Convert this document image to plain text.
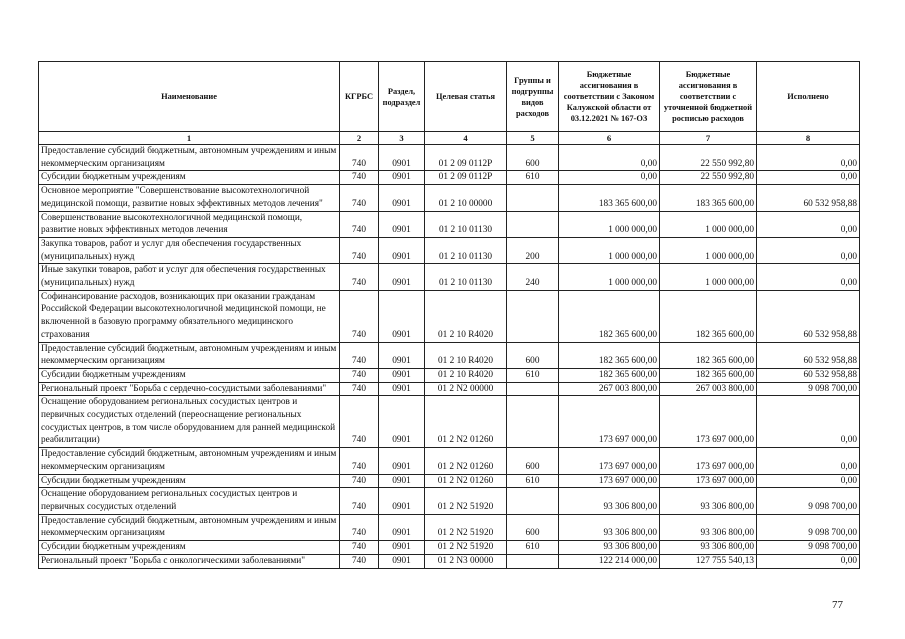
Наименование	КГРБС	Раздел, подраздел	Целевая статья	Группы и подгруппы видов расходов	Бюджетные ассигнования в соответствии с Законом Калужской области от 03.12.2021 № 167-ОЗ	Бюджетные ассигнования в соответствии с уточненной бюджетной росписью расходов	Исполнено
1	2	3	4	5	6	7	8
Предоставление субсидий бюджетным, автономным учреждениям и иным некоммерческим организациям	740	0901	01 2 09 0112P	600	0,00	22 550 992,80	0,00
Субсидии бюджетным учреждениям	740	0901	01 2 09 0112P	610	0,00	22 550 992,80	0,00
Основное мероприятие "Совершенствование высокотехнологичной медицинской помощи, развитие новых эффективных методов лечения"	740	0901	01 2 10 00000		183 365 600,00	183 365 600,00	60 532 958,88
Совершенствование высокотехнологичной медицинской помощи, развитие новых эффективных методов лечения	740	0901	01 2 10 01130		1 000 000,00	1 000 000,00	0,00
Закупка товаров, работ и услуг для обеспечения государственных (муниципальных) нужд	740	0901	01 2 10 01130	200	1 000 000,00	1 000 000,00	0,00
Иные закупки товаров, работ и услуг для обеспечения государственных (муниципальных) нужд	740	0901	01 2 10 01130	240	1 000 000,00	1 000 000,00	0,00
Софинансирование расходов, возникающих при оказании гражданам Российской Федерации высокотехнологичной медицинской помощи, не включенной в базовую программу обязательного медицинского страхования	740	0901	01 2 10 R4020		182 365 600,00	182 365 600,00	60 532 958,88
Предоставление субсидий бюджетным, автономным учреждениям и иным некоммерческим организациям	740	0901	01 2 10 R4020	600	182 365 600,00	182 365 600,00	60 532 958,88
Субсидии бюджетным учреждениям	740	0901	01 2 10 R4020	610	182 365 600,00	182 365 600,00	60 532 958,88
Региональный проект "Борьба с сердечно-сосудистыми заболеваниями"	740	0901	01 2 N2 00000		267 003 800,00	267 003 800,00	9 098 700,00
Оснащение оборудованием региональных сосудистых центров и первичных сосудистых отделений (переоснащение региональных сосудистых центров, в том числе оборудованием для ранней медицинской реабилитации)	740	0901	01 2 N2 01260		173 697 000,00	173 697 000,00	0,00
Предоставление субсидий бюджетным, автономным учреждениям и иным некоммерческим организациям	740	0901	01 2 N2 01260	600	173 697 000,00	173 697 000,00	0,00
Субсидии бюджетным учреждениям	740	0901	01 2 N2 01260	610	173 697 000,00	173 697 000,00	0,00
Оснащение оборудованием региональных сосудистых центров и первичных сосудистых отделений	740	0901	01 2 N2 51920		93 306 800,00	93 306 800,00	9 098 700,00
Предоставление субсидий бюджетным, автономным учреждениям и иным некоммерческим организациям	740	0901	01 2 N2 51920	600	93 306 800,00	93 306 800,00	9 098 700,00
Субсидии бюджетным учреждениям	740	0901	01 2 N2 51920	610	93 306 800,00	93 306 800,00	9 098 700,00
Региональный проект "Борьба с онкологическими заболеваниями"	740	0901	01 2 N3 00000		122 214 000,00	127 755 540,13	0,00
77
